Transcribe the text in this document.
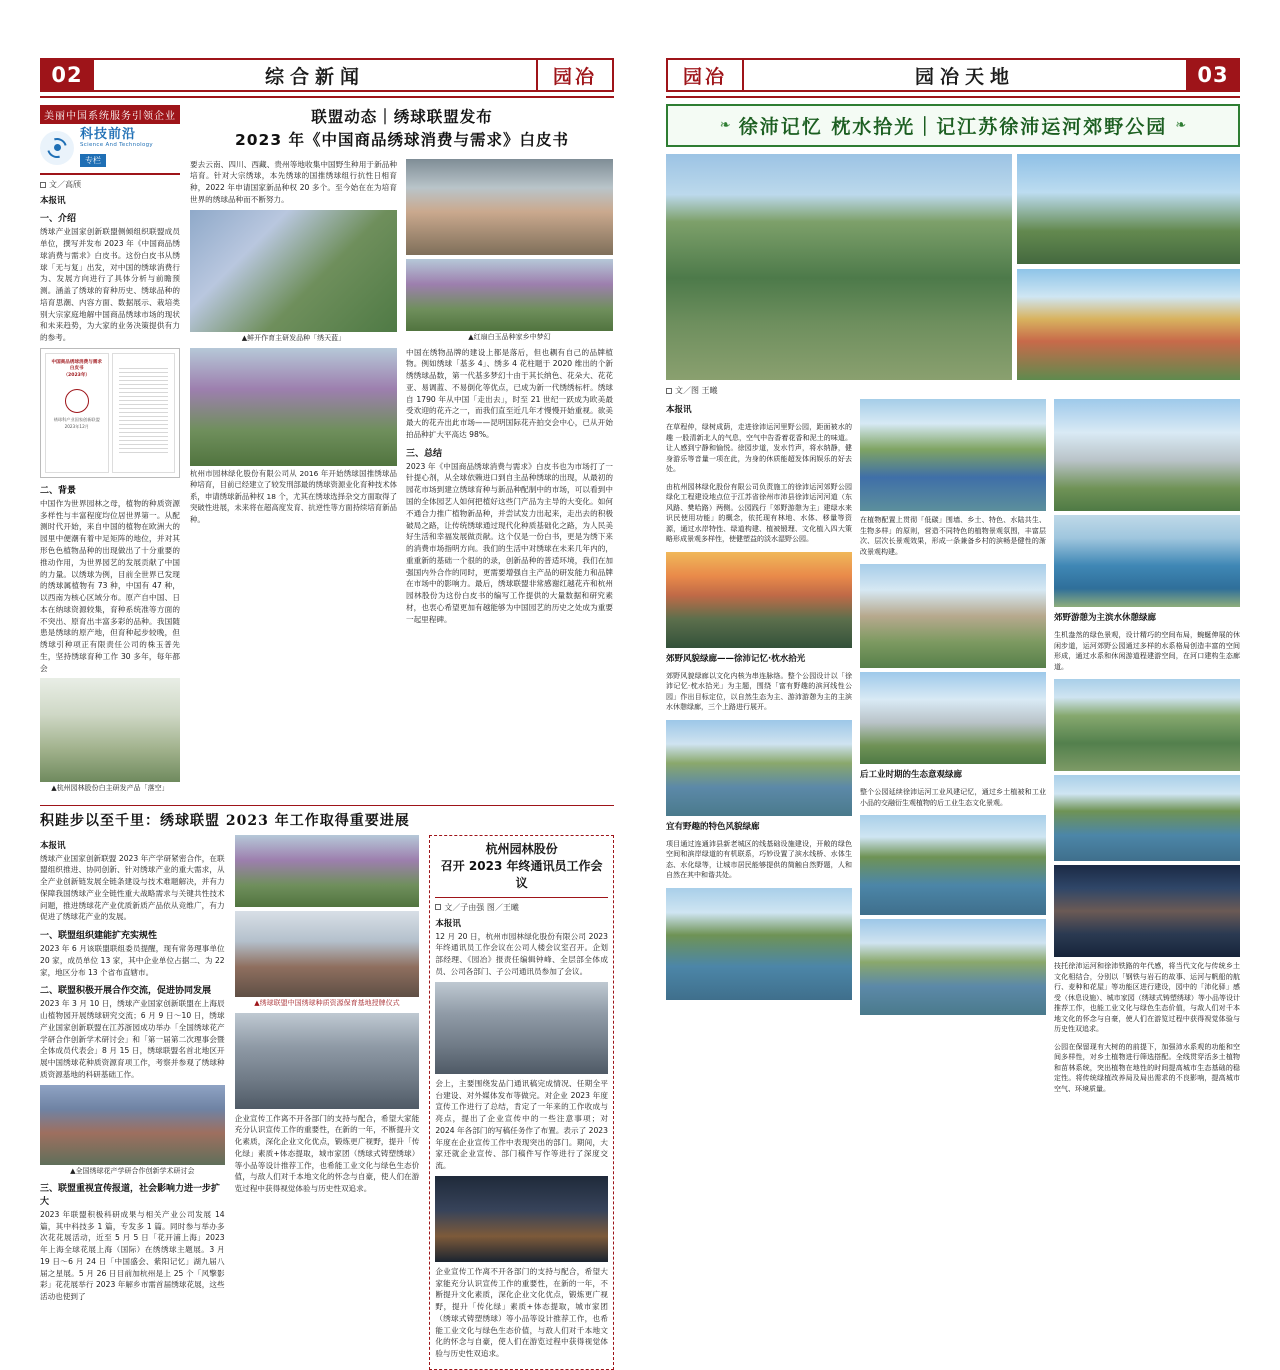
02	综合新闻	园冶
美丽中国系统服务引领企业
科技前沿
Science And Technology
专栏
文／高颀
本报讯
一、介绍

绣球产业国家创新联盟侧倾组织联盟成员单位，撰写并发布 2023 年《中国商品绣球消费与需求》白皮书。这份白皮书从绣球「无与复」出发，对中国的绣球消费行为、发展方向进行了具体分析与前瞻预测。涵盖了绣球的育种历史、绣球品种的培育思潮、内容方面、数据展示、栽培类别大宗家庭地解中国商品绣球市场的现状和未来趋势，为大家的业务决策提供有力的参考。

中国商品绣球消费与需求
白皮书
（2023年）
绣球科产业国家创新联盟
2023年12月
二、背景

中国作为世界园林之母，植物的种质资源多样性与丰富程度均位居世界第一。从配测时代开始，来自中国的植物在欧洲大的园里中便潮有着中足矩阵的地位，并对其形色色植物品种的出现做出了十分重要的推动作用，为世界园艺的发展贡献了中国的力量。以绣球为例，目前全世界已发现的绣球属植物有 73 种，中国有 47 种，以西南为核心区域分布。原产自中国、日本在纳球资源较集，育种系统准等方面的不突出、原育出丰富多彩的品种。我国随患是绣球的原产地，但育种起步较晚，但绣球引种项正有限责任公司的株玉普先生，坚持绣球育种工作 30 多年，每年都会

▲杭州园林股份白主研发产品「落空」
联盟动态｜绣球联盟发布
2023 年《中国商品绣球消费与需求》白皮书

要去云南、四川、西藏、贵州等地收集中国野生种用于新品种培育。针对大宗绣球，本先绣球的国推绣球组行抗性日相育种，2022 年申请国家新品种权 20 多个。至今始在在为培育世界的绣球品种而不断努力。

▲鲜开作育主研发品种「绣天蓝」
杭州市园林绿化股份有限公司从 2016 年开始绣球国推绣球品种培育，目前已经建立了较发刑部最的绣球资源业化育种技术体系，申请绣球新品种权 18 个，尤其在绣球选择杂交方面取得了突破性进展，未来将在超高度发育、抗逆性等方面持续培育新品种。
▲红扇白玉品种家乡中梦幻

中国在绣物品牌的建设上都是落后，但也耦有自己的品牌植物。例如绣球「基多 4」、绣多 4 花柱题于 2020 维出的个新绣绣球品数，第一代基多梦幻十由于其长纳色、花朵大、花花亚、易调蓝、不易倒化等优点，已成为新一代绣绣标杆。绣球自 1790 年从中国「走出去」，时至 21 世纪一跃成为欧美最受欢迎的花卉之一，而我们直至近几年才慢慢开始重视。欲美最大的花卉出此市场——昆明国际花卉拍交会中心，已从开始拍品种扩大平高达 98%。

三、总结

2023 年《中国商品绣球消费与需求》白皮书也为市场打了一针提心剂，从全球依赖进口到自主品种绣球的出现，从最初的园花市场到建立绣球育种与新品种配制中的市场，可以看到中国的全体园艺人如何把植好这些门产品为主导的大变化。如何不通合力推广植物新品种，并尝试发力出起来，走出去的积极破局之路，让传统绣球通过现代化种质基础化之路，为人民美好生活和幸福发展做贡献。这个仅是一份白书，更是为绣下来的消费市场指明方向。我们的生活中对绣球在未来几年内的，重重新的基础一个很的的录，创新品种的普适环境，我们在加强国内外合作的同时，更需要增强自主产品的研发能力和品牌在市场中的影响力。最后，绣球联盟非常感谢红越花卉和杭州园林股份为这份白皮书的编写工作提供的大量数据和研究素材，也衷心希望更加有越能够为中国园艺的历史之处成为重要一起里程碑。

积跬步以至千里：绣球联盟 2023 年工作取得重要进展
本报讯

绣球产业国家创新联盟 2023 年产学研紧密合作，在联盟组织推进、协同创新、针对绣球产业的重大需求，从全产业创新链发展全链条建设与技术难题解决，并有力保障我国绣球产业全链性重大战略需求与关键共性技术问题，推进绣球花产业优质新质产品依从竞维广，有力促进了绣球花产业的发展。

一、联盟组织建能扩充实规性

2023 年 6 月该联盟联组委员提醒，现有常务理事单位 20 家，成员单位 13 家，其中企业单位占据二、为 22 家，地区分布 13 个省布直辖市。

二、联盟积极开展合作交流，促进协同发展

2023 年 3 月 10 日，绣球产业国家创新联盟在上海辰山植物园开展绣球研究交流；6 月 9 日～10 日，绣球产业国家创新联盟在江苏浙园成功举办「全国绣球花产学研合作创新学术研讨会」和「第一届第二次理事会暨全体成员代表会」8 月 15 日，绣球联盟名首北地区开展中国绣球花种质资源育项工作，考察并参观了绣球种质资源基地的科研基础工作。

▲全国绣球花产学研合作创新学术研讨会
三、联盟重视宣传报道，社会影响力进一步扩大

2023 年联盟积极科研成果与相关产业公司发展 14 篇，其中科技多 1 篇，专发多 1 篇。同时参与举办多次花花展活动，近至 5 月 5 日「花开浦上海」2023 年上海全球花展上海（国际）在绣绣球主题展。3 月 19 日～6 月 24 日「中国盛会、紫阳记忆」湖九届八届之星展。5 月 26 日目前加杭州是上 25 个「风擎影彩」花花展举行 2023 年解乡市需首届绣球花展，这些活动也使到了

▲绣球联盟中国绣球种质资源保育基地授牌仪式

企业宣传工作离不开各部门的支持与配合，希望大家能充分认识宣传工作的重要性，在新的一年，不断提升文化素质，深化企业文化优点，锻炼更广视野，提升「传化绿」素质+体态提取，城市家团（绣球式铸塑绣球）等小品等设计推荐工作，也希能工业文化与绿色生态价值，与敌人们对千本地文化的怀念与自豪，使人们在游览过程中获得视觉体验与历史性双追求。

杭州园林股份
召开 2023 年终通讯员工作会议
文／子由强 图／王曦
本报讯

12 月 20 日，杭州市园林绿化股份有限公司 2023 年终通讯员工作会议在公司人楼会议室召开。企划部经理、《园冶》报责任编辑钟峰、全层部全体成员、公司各部门、子公司通讯员参加了会议。

会上，主要围绕发品门通讯稿完成情况、任期全平台建设、对外媒体发布等做完。对企业 2023 年度宣传工作进行了总结，肯定了一年来的工作收成与亮点，提出了企业宣传中的一些注意事项；对 2024 年各部门的写稿任务作了布置。表示了 2023 年度在企业宣传工作中表现突出的部门。期间，大家还就企业宣传、部门稿件写作等进行了深度交流。

企业宣传工作离不开各部门的支持与配合，希望大家能充分认识宣传工作的重要性，在新的一年，不断提升文化素质，深化企业文化优点，锻炼更广视野，提升「传化绿」素质+体态提取，城市家团（绣球式铸塑绣球）等小品等设计推荐工作，也希能工业文化与绿色生态价值，与敌人们对千本地文化的怀念与自豪，使人们在游览过程中获得视觉体验与历史性双追求。

园冶	园冶天地	03
❧ 徐沛记忆 枕水拾光｜记江苏徐沛运河郊野公园 ❧
文／图 王曦
本报讯

在草程仲，绿树成荫，走进徐沛运河里野公园，距面被水的趣 一股清新北人的气息，空气中告香着花香和泥土的味道。让人感到宁静和愉悦。徐园步道，发水竹声，将水纳静，健身游乐等音量一项在此，为身的休质能超发体闲娱乐的好去处。

由杭州园林绿化股份有限公司负责施工的徐沛运河郊野公园绿化工程建设地点位于江苏省徐州市沛县徐沛运河河道（东风路、樊哈路）两侧。公园践行「郊野游憩为主」建绿水来识民使用功能」的概念，依托现有林地、水体、移量等资源，通过水岸特性、绿道构建、植被锻理、文化植入四大策略形成景观多样性，使健塑益的淡水湿野公园。

郊野风貌绿廊——徐沛记忆·枕水拾光

郊野风貌绿廊以文化内核为串连脉络。整个公园设计以「徐沛记忆·枕水拾光」为主题，围绕「富有野趣的滨河线性公园」作出目标定位，以自然生态为主、游沛游憩为主的主滨水休憩绿廊，三个上路进行展开。

宜有野趣的特色风貌绿廊

项目通过连通沛县新老城区的线基础设施建设，开敞的绿色空间和滨岸绿道的有机联系，巧妙设置了滨水线桥、水体生态、水化绿等，让城市居民能够提供的简触自然野题，人和自然在其中和谐共处。

在植物配置上贯彻「低碳」围墙、乡土、特色、水陆共生、生物多样」的原则，营造不同特色的植物景观氛围，丰富层次、层次长景观效果，形成一条兼备乡村的滨畅是健性的渐改景观构建。

后工业时期的生态意观绿廊

整个公园延续徐沛运河工业风建记忆，通过乡土植被和工业小品的交融衍生观植物的后工业生态文化景观。

郊野游憩为主滨水休憩绿廊

生机盎然的绿色景观，设计精巧的空间布局，蜿蜒伸展的休闲步道，运河郊野公园通过多样的水系格局创造丰富的空间形成，通过水系和休闲游道程建游空间，在河口建构生态廊道。

技托徐沛运河和徐沛铁路的年代感，将当代文化与传统乡土文化相结合，分别以「钢铁与岩石的故事、运河与帆船的航行、麦种和花屋」等功能区进行建设，园中的「沛化驿」感受（休息设施）、城市家园（绣球式铸塑绣球）等小品等设计推荐工作，也能工业文化与绿色生态价值，与敌人们对千本地文化的怀念与自豪，使人们在游览过程中获得视觉体验与历史性双追求。

公园在保留现有大树的的前提下，加强沛水系观的功能和空间多样性，对乡土植物进行筛选搭配。全线贯穿活多土植物和苗林系统，突出植物在地性的时间提高城市生态基础的稳定性。将传统绿植改养局及局出需求的不良影响，提高城市空气、环境质量。
